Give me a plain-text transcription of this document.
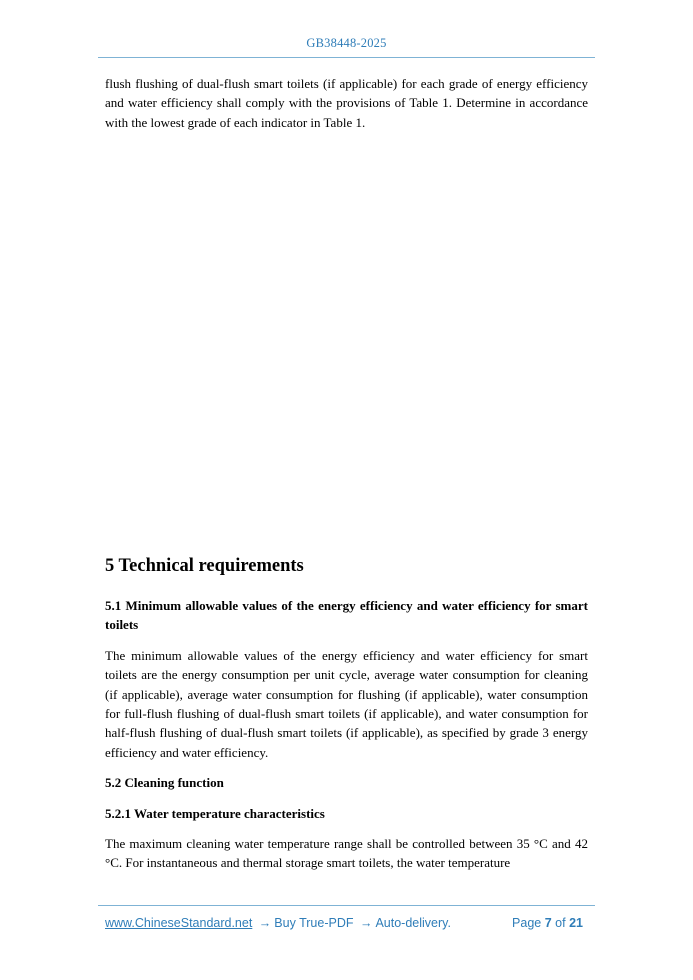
GB38448-2025

flush flushing of dual-flush smart toilets (if applicable) for each grade of energy efficiency and water efficiency shall comply with the provisions of Table 1. Determine in accordance with the lowest grade of each indicator in Table 1.

5 Technical requirements
5.1 Minimum allowable values of the energy efficiency and water efficiency for smart toilets

The minimum allowable values of the energy efficiency and water efficiency for smart toilets are the energy consumption per unit cycle, average water consumption for cleaning (if applicable), average water consumption for flushing (if applicable), water consumption for full-flush flushing of dual-flush smart toilets (if applicable), and water consumption for half-flush flushing of dual-flush smart toilets (if applicable), as specified by grade 3 energy efficiency and water efficiency.

5.2 Cleaning function
5.2.1 Water temperature characteristics

The maximum cleaning water temperature range shall be controlled between 35 °C and 42 °C. For instantaneous and thermal storage smart toilets, the water temperature

www.ChineseStandard.net → Buy True-PDF → Auto-delivery.	Page 7 of 21
